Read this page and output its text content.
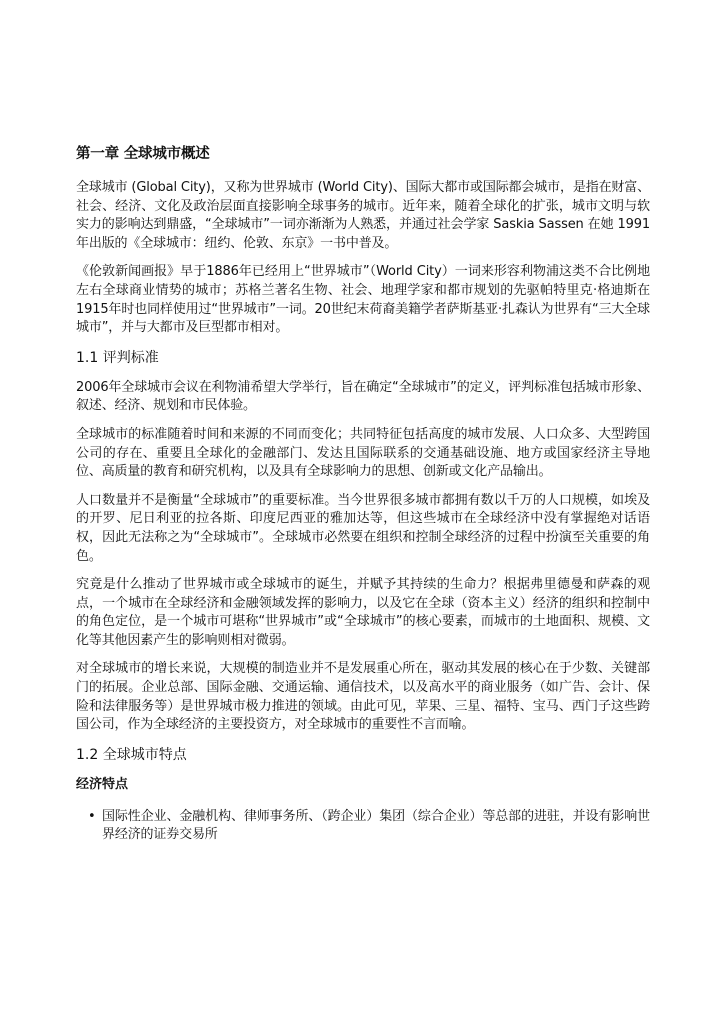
第一章 全球城市概述

全球城市 (Global City)，又称为世界城市 (World City)、国际大都市或国际都会城市，是指在财富、社会、经济、文化及政治层面直接影响全球事务的城市。近年来，随着全球化的扩张，城市文明与软实力的影响达到鼎盛，“全球城市”一词亦渐渐为人熟悉，并通过社会学家 Saskia Sassen 在她 1991 年出版的《全球城市：纽约、伦敦、东京》一书中普及。

《伦敦新闻画报》早于1886年已经用上“世界城市”（World City）一词来形容利物浦这类不合比例地左右全球商业情势的城市；苏格兰著名生物、社会、地理学家和都市规划的先驱帕特里克·格迪斯在1915年时也同样使用过“世界城市”一词。20世纪末荷裔美籍学者萨斯基亚·扎森认为世界有“三大全球城市”，并与大都市及巨型都市相对。

1.1 评判标准

2006年全球城市会议在利物浦希望大学举行，旨在确定“全球城市”的定义，评判标准包括城市形象、叙述、经济、规划和市民体验。

全球城市的标准随着时间和来源的不同而变化；共同特征包括高度的城市发展、人口众多、大型跨国公司的存在、重要且全球化的金融部门、发达且国际联系的交通基础设施、地方或国家经济主导地位、高质量的教育和研究机构，以及具有全球影响力的思想、创新或文化产品输出。

人口数量并不是衡量“全球城市”的重要标准。当今世界很多城市都拥有数以千万的人口规模，如埃及的开罗、尼日利亚的拉各斯、印度尼西亚的雅加达等，但这些城市在全球经济中没有掌握绝对话语权，因此无法称之为“全球城市”。全球城市必然要在组织和控制全球经济的过程中扮演至关重要的角色。

究竟是什么推动了世界城市或全球城市的诞生，并赋予其持续的生命力？根据弗里德曼和萨森的观点，一个城市在全球经济和金融领域发挥的影响力，以及它在全球（资本主义）经济的组织和控制中的角色定位，是一个城市可堪称“世界城市”或“全球城市”的核心要素，而城市的土地面积、规模、文化等其他因素产生的影响则相对微弱。

对全球城市的增长来说，大规模的制造业并不是发展重心所在，驱动其发展的核心在于少数、关键部门的拓展。企业总部、国际金融、交通运输、通信技术，以及高水平的商业服务（如广告、会计、保险和法律服务等）是世界城市极力推进的领域。由此可见，苹果、三星、福特、宝马、西门子这些跨国公司，作为全球经济的主要投资方，对全球城市的重要性不言而喻。

1.2 全球城市特点
经济特点
• 国际性企业、金融机构、律师事务所、（跨企业）集团（综合企业）等总部的进驻，并设有影响世界经济的证券交易所
